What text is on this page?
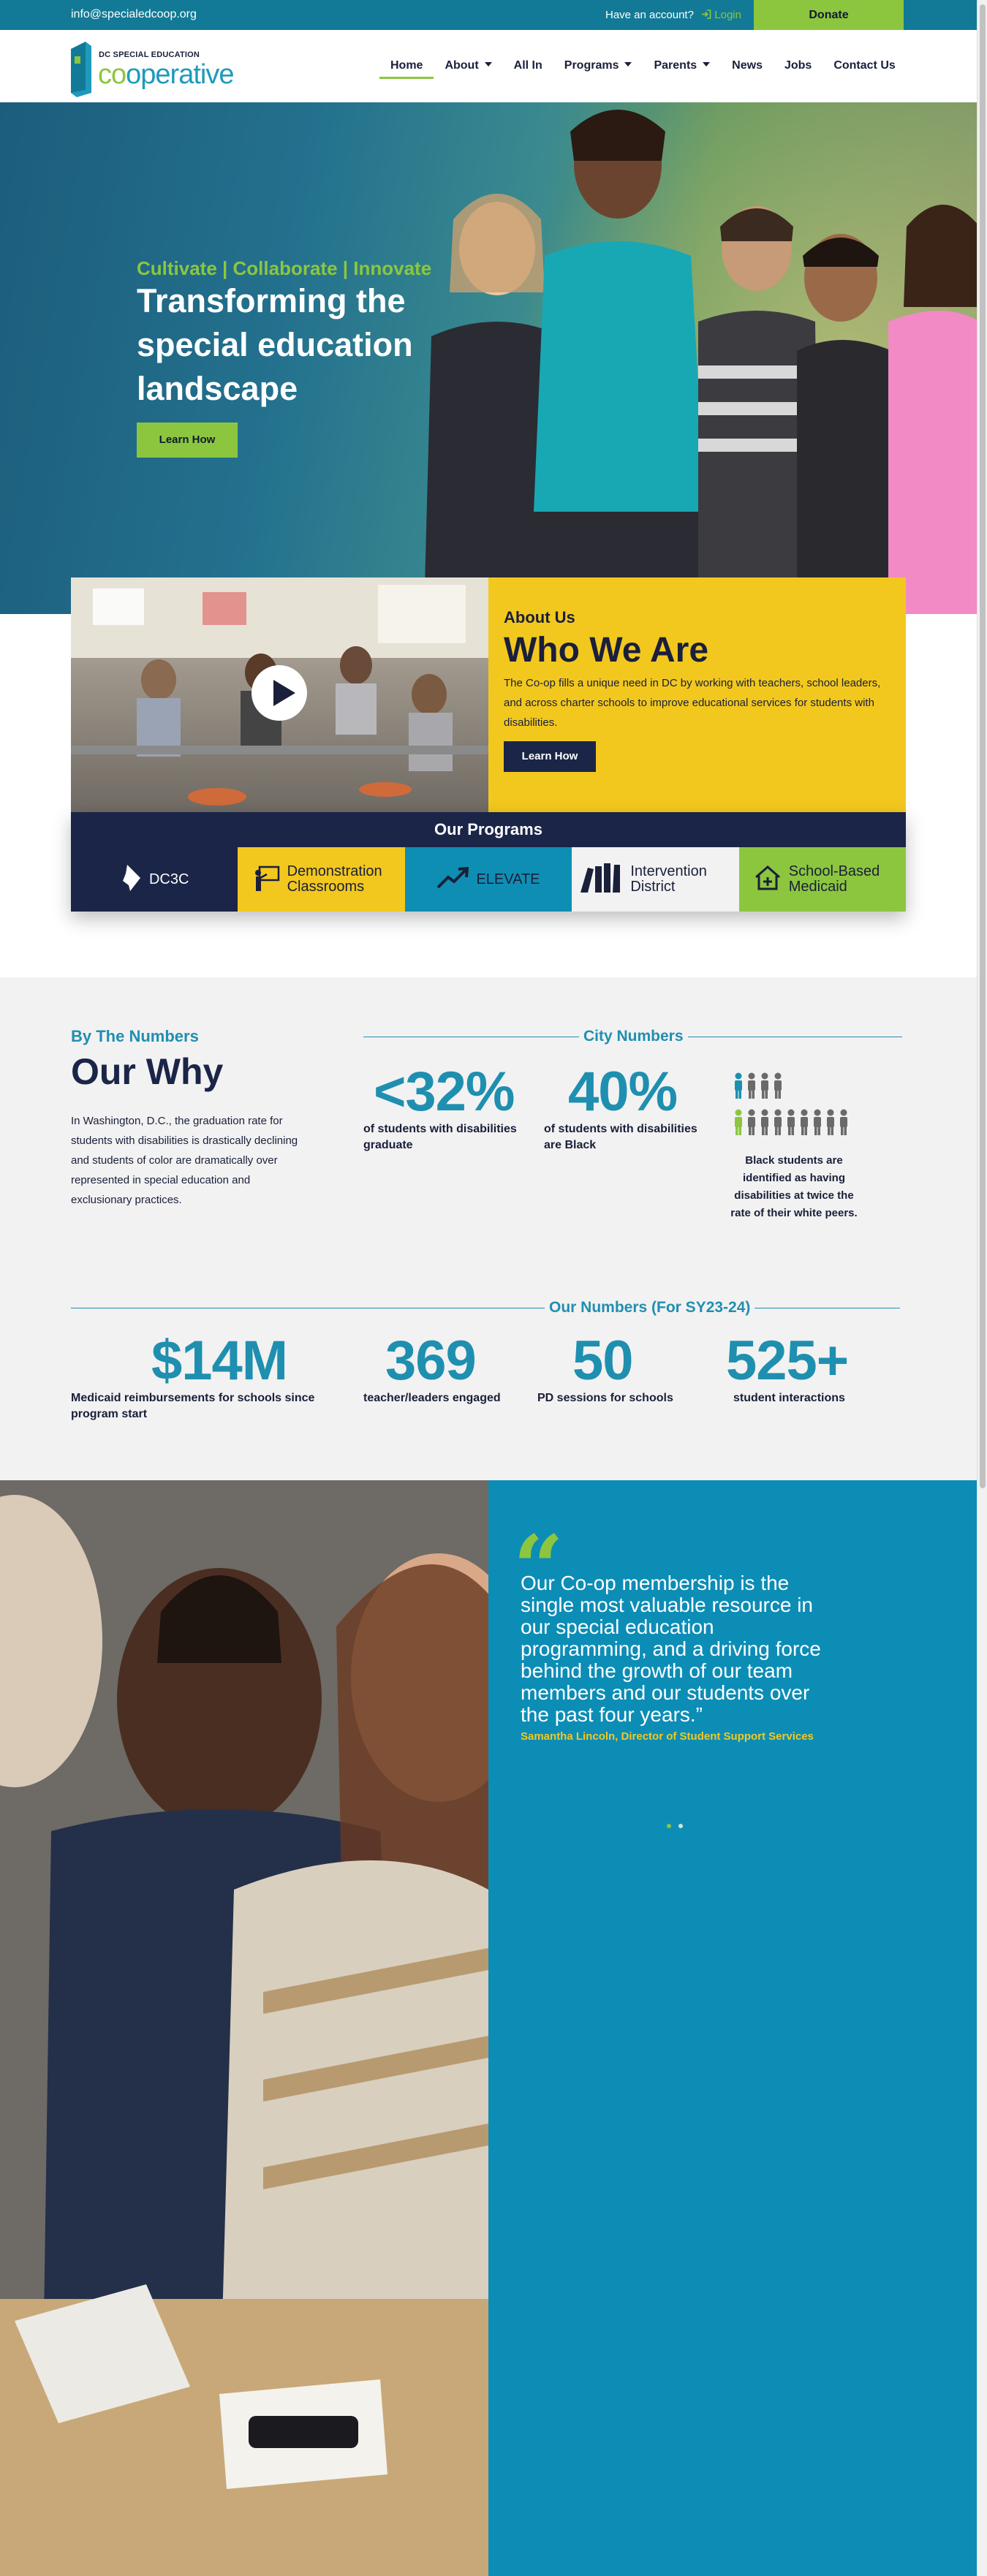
info@specialedcoop.org	Have an account? Login	Donate
DC SPECIAL EDUCATION
cooperative	Home	About	All In	Programs	Parents	News	Jobs	Contact Us
Cultivate | Collaborate | Innovate
Transforming the special education landscape
Learn How
About Us
Who We Are

The Co-op fills a unique need in DC by working with teachers, school leaders, and across charter schools to improve educational services for students with disabilities.

Learn How
Our Programs
DC3C	Demonstration Classrooms	ELEVATE	Intervention District
School-Based Medicaid
By The Numbers
Our Why

In Washington, D.C., the graduation rate for students with disabilities is drastically declining and students of color are dramatically over represented in special education and exclusionary practices.

City Numbers
<32%
of students with disabilities graduate
40%
of students with disabilities are Black
Black students are identified as having disabilities at twice the rate of their white peers.
Our Numbers (For SY23-24)
$14M
Medicaid reimbursements for schools since program start
369
teacher/leaders engaged
50
PD sessions for schools
525+
student interactions
“
Our Co-op membership is the single most valuable resource in our special education programming, and a driving force behind the growth of our team members and our students over the past four years.”
Samantha Lincoln, Director of Student Support Services
